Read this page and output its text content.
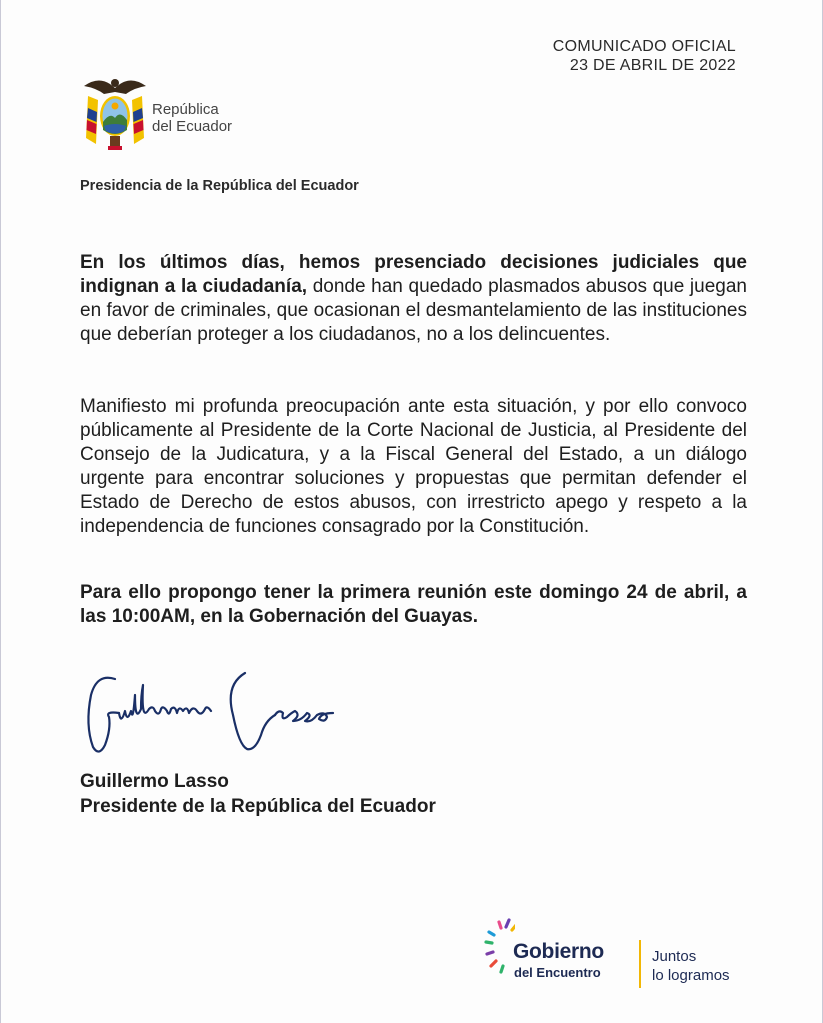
COMUNICADO OFICIAL
23 DE ABRIL DE 2022
República
del Ecuador
Presidencia de la República del Ecuador

En los últimos días, hemos presenciado decisiones judiciales que indignan a la ciudadanía, donde han quedado plasmados abusos que juegan en favor de criminales, que ocasionan el desmantelamiento de las instituciones que deberían proteger a los ciudadanos, no a los delincuentes.

Manifiesto mi profunda preocupación ante esta situación, y por ello convoco públicamente al Presidente de la Corte Nacional de Justicia, al Presidente del Consejo de la Judicatura, y a la Fiscal General del Estado, a un diálogo urgente para encontrar soluciones y propuestas que permitan defender el Estado de Derecho de estos abusos, con irrestricto apego y respeto a la independencia de funciones consagrado por la Constitución.

Para ello propongo tener la primera reunión este domingo 24 de abril, a las 10:00AM, en la Gobernación del Guayas.

Guillermo Lasso
Presidente de la República del Ecuador
Gobierno
del Encuentro
Juntos
lo logramos
